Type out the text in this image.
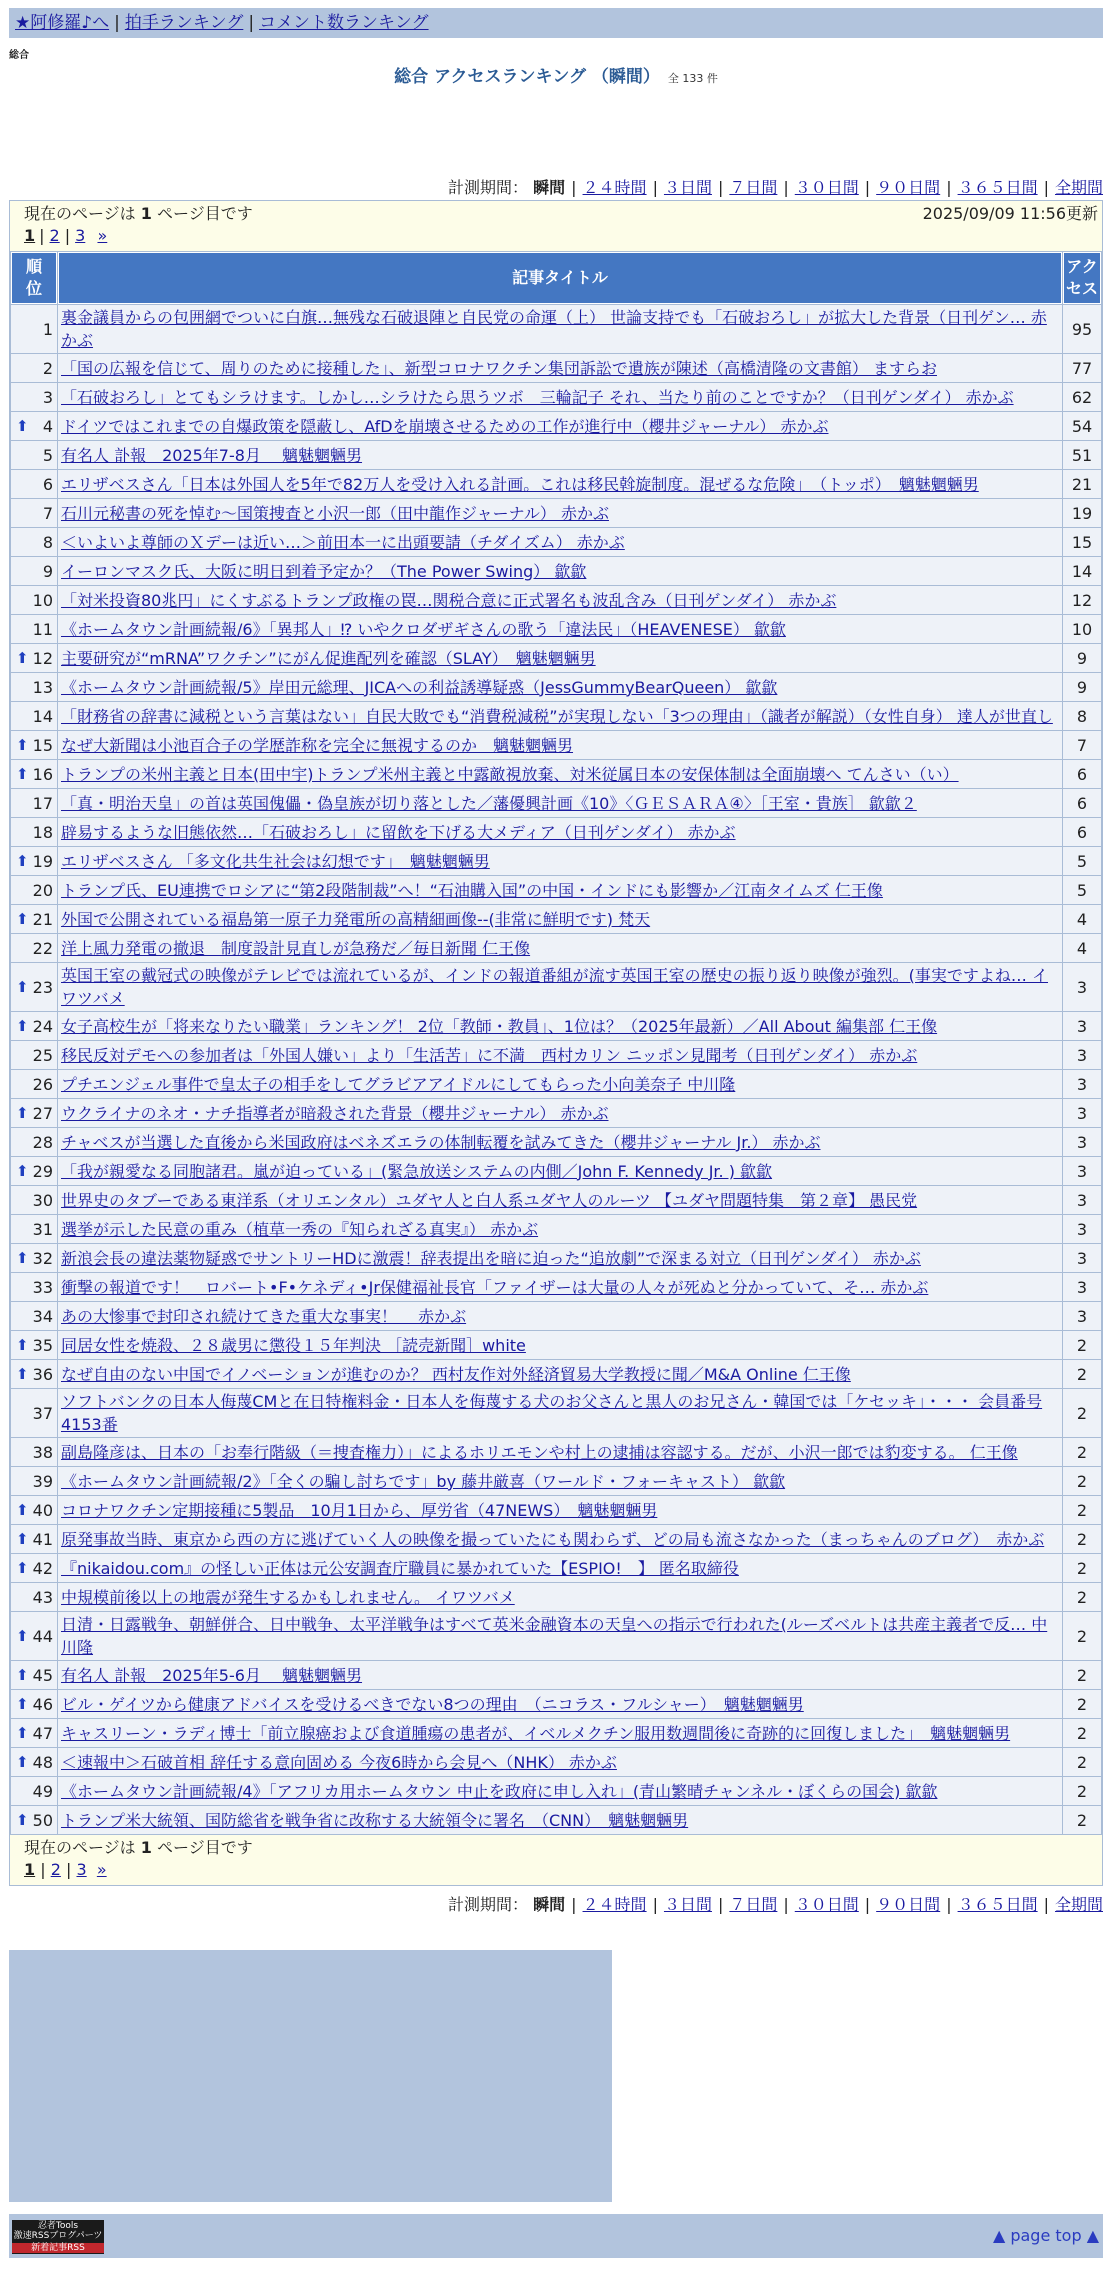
★阿修羅♪へ | 拍手ランキング | コメント数ランキング
総合
総合 アクセスランキング （瞬間） 全 133 件
計測期間： 瞬間 | ２４時間 | ３日間 | ７日間 | ３０日間 | ９０日間 | ３６５日間 | 全期間
現在のページは 1 ページ目です	2025/09/09 11:56更新
1 | 2 | 3 »
順位	記事タイトル	アクセス
1	裏金議員からの包囲網でついに白旗…無残な石破退陣と自民党の命運（上） 世論支持でも「石破おろし」が拡大した背景（日刊ゲン… 赤かぶ	95
2	「国の広報を信じて、周りのために接種した」、新型コロナワクチン集団訴訟で遺族が陳述（高橋清隆の文書館） ますらお	77
3	「石破おろし」とてもシラけます。しかし…シラけたら思うツボ　三輪記子 それ、当たり前のことですか？（日刊ゲンダイ） 赤かぶ	62

⬆ 4	ドイツではこれまでの自爆政策を隠蔽し、AfDを崩壊させるための工作が進行中（櫻井ジャーナル） 赤かぶ	54
5	有名人 訃報　2025年7-8月　 魑魅魍魎男	51
6	エリザベスさん「日本は外国人を5年で82万人を受け入れる計画。これは移民斡旋制度。混ぜるな危険」　（トッポ）　魑魅魍魎男	21
7	石川元秘書の死を悼む～国策捜査と小沢一郎（田中龍作ジャーナル） 赤かぶ	19
8	＜いよいよ尊師のＸデーは近い…＞前田本一に出頭要請（チダイズム） 赤かぶ	15
9	イーロンマスク氏、大阪に明日到着予定か？（The Power Swing） 歙歙	14
10	「対米投資80兆円」にくすぶるトランプ政権の罠…関税合意に正式署名も波乱含み（日刊ゲンダイ） 赤かぶ	12
11	《ホームタウン計画続報/6》「異邦人」⁉ いやクロダザギさんの歌う「違法民」（HEAVENESE） 歙歙	10

⬆ 12	主要研究が“mRNA”ワクチン”にがん促進配列を確認（SLAY）　魑魅魍魎男	9
13	《ホームタウン計画続報/5》岸田元総理、JICAへの利益誘導疑惑（JessGummyBearQueen） 歙歙	9
14	「財務省の辞書に減税という言葉はない」自民大敗でも“消費税減税”が実現しない「3つの理由」（識者が解説）（女性自身） 達人が世直し	8

⬆ 15	なぜ大新聞は小池百合子の学歴詐称を完全に無視するのか　魑魅魍魎男	7

⬆ 16	トランプの米州主義と日本(田中宇)トランプ米州主義と中露敵視放棄、対米従属日本の安保体制は全面崩壊へ てんさい（い）	6
17	「真・明治天皇」の首は英国傀儡・偽皇族が切り落とした／藩優興計画《10》〈ＧＥＳＡＲＡ④〉［王室・貴族］ 歙歙２	6
18	辟易するような旧態依然…「石破おろし」に留飲を下げる大メディア（日刊ゲンダイ） 赤かぶ	6

⬆ 19	エリザベスさん 「多文化共生社会は幻想です」　魑魅魍魎男	5
20	トランプ氏、EU連携でロシアに“第2段階制裁”へ！“石油購入国”の中国・インドにも影響か／江南タイムズ 仁王像	5

⬆ 21	外国で公開されている福島第一原子力発電所の高精細画像--(非常に鮮明です) 梵天	4
22	洋上風力発電の撤退　制度設計見直しが急務だ／毎日新聞 仁王像	4

⬆ 23	英国王室の戴冠式の映像がテレビでは流れているが、インドの報道番組が流す英国王室の歴史の振り返り映像が強烈。(事実ですよね… イワツバメ	3

⬆ 24	女子高校生が「将来なりたい職業」ランキング！ 2位「教師・教員」、1位は？（2025年最新）／All About 編集部 仁王像	3
25	移民反対デモへの参加者は「外国人嫌い」より「生活苦」に不満　西村カリン ニッポン見聞考（日刊ゲンダイ） 赤かぶ	3
26	プチエンジェル事件で皇太子の相手をしてグラビアアイドルにしてもらった小向美奈子 中川隆	3

⬆ 27	ウクライナのネオ・ナチ指導者が暗殺された背景（櫻井ジャーナル） 赤かぶ	3
28	チャベスが当選した直後から米国政府はベネズエラの体制転覆を試みてきた（櫻井ジャーナル Jr.） 赤かぶ	3

⬆ 29	「我が親愛なる同胞諸君。嵐が迫っている」(緊急放送システムの内側／John F. Kennedy Jr. ) 歙歙	3
30	世界史のタブーである東洋系（オリエンタル）ユダヤ人と白人系ユダヤ人のルーツ 【ユダヤ問題特集　第２章】 愚民党	3
31	選挙が示した民意の重み（植草一秀の『知られざる真実』） 赤かぶ	3

⬆ 32	新浪会長の違法薬物疑惑でサントリーHDに激震！辞表提出を暗に迫った“追放劇”で深まる対立（日刊ゲンダイ） 赤かぶ	3
33	衝撃の報道です！　ロバート•F•ケネディ•Jr保健福祉長官「ファイザーは大量の人々が死ぬと分かっていて、そ… 赤かぶ	3
34	あの大惨事で封印され続けてきた重大な事実！　 赤かぶ	3

⬆ 35	同居女性を焼殺、２８歳男に懲役１５年判決 ［読売新聞］white	2

⬆ 36	なぜ自由のない中国でイノベーションが進むのか？ 西村友作対外経済貿易大学教授に聞／M&A Online 仁王像	2
37	ソフトバンクの日本人侮蔑CMと在日特権料金・日本人を侮蔑する犬のお父さんと黒人のお兄さん・韓国では「ケセッキ」・・・ 会員番号4153番	2
38	副島隆彦は、日本の「お奉行階級（＝捜査権力）」によるホリエモンや村上の逮捕は容認する。だが、小沢一郎では豹変する。 仁王像	2
39	《ホームタウン計画続報/2》「全くの騙し討ちです」by 藤井厳喜（ワールド・フォーキャスト） 歙歙	2

⬆ 40	コロナワクチン定期接種に5製品　10月1日から、厚労省（47NEWS）　魑魅魍魎男	2

⬆ 41	原発事故当時、東京から西の方に逃げていく人の映像を撮っていたにも関わらず、どの局も流さなかった（まっちゃんのブログ）　赤かぶ	2

⬆ 42	『nikaidou.com』の怪しい正体は元公安調査庁職員に暴かれていた【ESPIO!　】 匿名取締役	2
43	中規模前後以上の地震が発生するかもしれません。 イワツバメ	2

⬆ 44	日清・日露戦争、朝鮮併合、日中戦争、太平洋戦争はすべて英米金融資本の天皇への指示で行われた(ルーズベルトは共産主義者で反… 中川隆	2

⬆ 45	有名人 訃報　2025年5-6月　 魑魅魍魎男	2

⬆ 46	ビル・ゲイツから健康アドバイスを受けるべきでない8つの理由　（ニコラス・フルシャー）　魑魅魍魎男	2

⬆ 47	キャスリーン・ラディ博士「前立腺癌および食道腫瘍の患者が、イベルメクチン服用数週間後に奇跡的に回復しました」　魑魅魍魎男	2

⬆ 48	＜速報中＞石破首相 辞任する意向固める 今夜6時から会見へ（NHK） 赤かぶ	2
49	《ホームタウン計画続報/4》「アフリカ用ホームタウン 中止を政府に申し入れ」(青山繁晴チャンネル・ぼくらの国会) 歙歙	2

⬆ 50	トランプ米大統領、国防総省を戦争省に改称する大統領令に署名　（CNN）　魑魅魍魎男	2
現在のページは 1 ページ目です
1 | 2 | 3 »
計測期間： 瞬間 | ２４時間 | ３日間 | ７日間 | ３０日間 | ９０日間 | ３６５日間 | 全期間
忍者Tools
激速RSSブログパーツ
新着記事RSS
▲ page top ▲
